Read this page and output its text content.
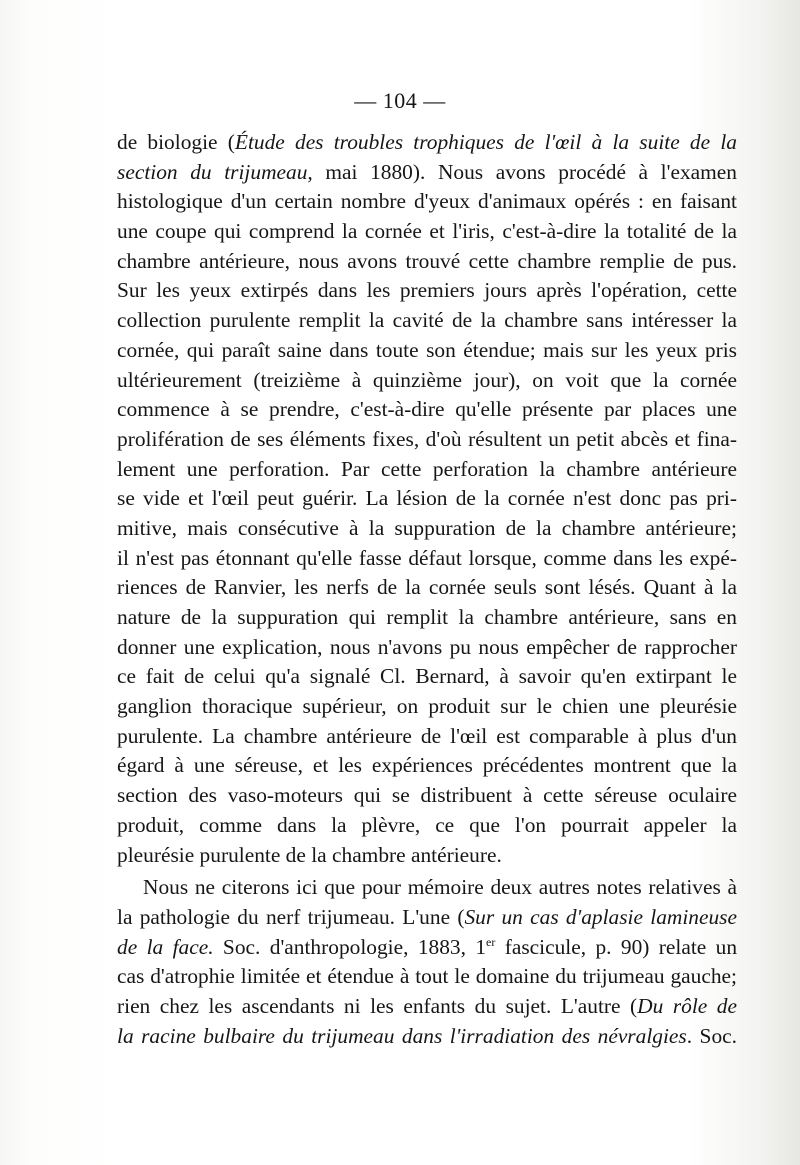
— 104 —
de biologie (Étude des troubles trophiques de l'œil à la suite de la
section du trijumeau, mai 1880). Nous avons procédé à l'examen
histologique d'un certain nombre d'yeux d'animaux opérés : en faisant
une coupe qui comprend la cornée et l'iris, c'est-à-dire la totalité de la
chambre antérieure, nous avons trouvé cette chambre remplie de pus.
Sur les yeux extirpés dans les premiers jours après l'opération, cette
collection purulente remplit la cavité de la chambre sans intéresser la
cornée, qui paraît saine dans toute son étendue; mais sur les yeux pris
ultérieurement (treizième à quinzième jour), on voit que la cornée
commence à se prendre, c'est-à-dire qu'elle présente par places une
prolifération de ses éléments fixes, d'où résultent un petit abcès et fina-
lement une perforation. Par cette perforation la chambre antérieure
se vide et l'œil peut guérir. La lésion de la cornée n'est donc pas pri-
mitive, mais consécutive à la suppuration de la chambre antérieure;
il n'est pas étonnant qu'elle fasse défaut lorsque, comme dans les expé-
riences de Ranvier, les nerfs de la cornée seuls sont lésés. Quant à la
nature de la suppuration qui remplit la chambre antérieure, sans en
donner une explication, nous n'avons pu nous empêcher de rapprocher
ce fait de celui qu'a signalé Cl. Bernard, à savoir qu'en extirpant le
ganglion thoracique supérieur, on produit sur le chien une pleurésie
purulente. La chambre antérieure de l'œil est comparable à plus d'un
égard à une séreuse, et les expériences précédentes montrent que la
section des vaso-moteurs qui se distribuent à cette séreuse oculaire
produit, comme dans la plèvre, ce que l'on pourrait appeler la
pleurésie purulente de la chambre antérieure.
Nous ne citerons ici que pour mémoire deux autres notes relatives à
la pathologie du nerf trijumeau. L'une (Sur un cas d'aplasie lamineuse
de la face. Soc. d'anthropologie, 1883, 1er fascicule, p. 90) relate un
cas d'atrophie limitée et étendue à tout le domaine du trijumeau gauche;
rien chez les ascendants ni les enfants du sujet. L'autre (Du rôle de
la racine bulbaire du trijumeau dans l'irradiation des névralgies. Soc.
